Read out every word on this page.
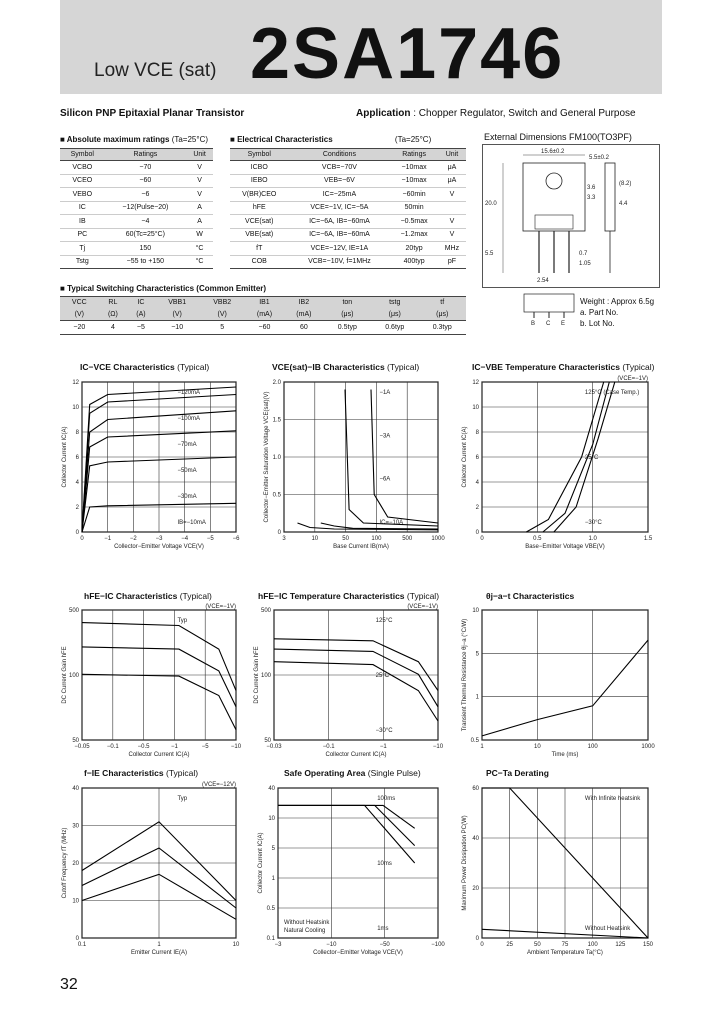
Low VCE (sat) 2SA1746
Silicon PNP Epitaxial Planar Transistor	Application : Chopper Regulator, Switch and General Purpose
■ Absolute maximum ratings (Ta=25°C)
Symbol	Ratings	Unit
VCBO	−70	V
VCEO	−60	V
VEBO	−6	V
IC	−12(Pulse−20)	A
IB	−4	A
PC	60(Tc=25°C)	W
Tj	150	°C
Tstg	−55 to +150	°C
■ Electrical Characteristics	(Ta=25°C)
Symbol	Conditions	Ratings	Unit
ICBO	VCB=−70V	−10max	μA
IEBO	VEB=−6V	−10max	μA
V(BR)CEO	IC=−25mA	−60min	V
hFE	VCE=−1V, IC=−5A	50min	
VCE(sat)	IC=−6A, IB=−60mA	−0.5max	V
VBE(sat)	IC=−6A, IB=−60mA	−1.2max	V
fT	VCE=−12V, IE=1A	20typ	MHz
COB	VCB=−10V, f=1MHz	400typ	pF
■ Typical Switching Characteristics (Common Emitter)
VCC	RL	IC	VBB1	VBB2	IB1	IB2	ton	tstg	tf
(V)	(Ω)	(A)	(V)	(V)	(mA)	(mA)	(μs)	(μs)	(μs)
−20	4	−5	−10	5	−60	60	0.5typ	0.6typ	0.3typ
External Dimensions FM100(TO3PF)
15.6±0.2
5.5±0.2
3.6
3.3
(8.2)
4.4
2.54
0.7
1.05
20.0
5.5
B C E
Weight : Approx 6.5g
a. Part No.
b. Lot No.
IC−VCE Characteristics (Typical)	VCE(sat)−IB Characteristics (Typical)	IC−VBE Temperature Characteristics (Typical)
hFE−IC Characteristics (Typical)	hFE−IC Temperature Characteristics (Typical)	θj−a−t Characteristics
f−IE Characteristics (Typical)	Safe Operating Area (Single Pulse)	PC−Ta Derating
0	−1	−2	−3	−4	−5	−6
0
2
4
6
8
10
12
Collector−Emitter Voltage VCE(V)
Collector Current IC(A)
−120mA
−100mA
−70mA
−50mA
−30mA
IB=−10mA
3	10	50	100	500	1000
0
0.5
1.0
1.5
2.0
Base Current IB(mA)
Collector−Emitter Saturation Voltage VCE(sat)(V)	−1A
−3A
−6A
IC=−10A
0	0.5	1.0	1.5
0
2
4
6
8
10
12
Base−Emitter Voltage VBE(V)
Collector Current IC(A)
(VCE=−1V)
125°C (Case Temp.)
25°C
−30°C
−0.05	−0.1	−0.5	−1	−5	−10
50
100
500
Collector Current IC(A)
DC Current Gain hFE
(VCE=−1V)
Typ
−0.03	−0.1	−1	−10
50
100
500
Collector Current IC(A)
DC Current Gain hFE
(VCE=−1V)
125°C
25°C
−30°C
1	10	100	1000
0.5
1
5
10
Time (ms)
Transient Thermal Resistance θj−a (°C/W)
0.1	1	10
0
10
20
30
40
Emitter Current IE(A)
Cutoff Frequency fT (MHz)
(VCE=−12V)
Typ
−3	−10	−50	−100
0.1
0.5
1
5
10
40
Collector−Emitter Voltage VCE(V)
Collector Current IC(A)
100ms
10ms
1ms
Without Heatsink
Natural Cooling
0	25	50	75	100	125	150
0
20
40
60
Ambient Temperature Ta(°C)
Maximum Power Dissipation PC(W)
With Infinite heatsink
Without Heatsink
32
